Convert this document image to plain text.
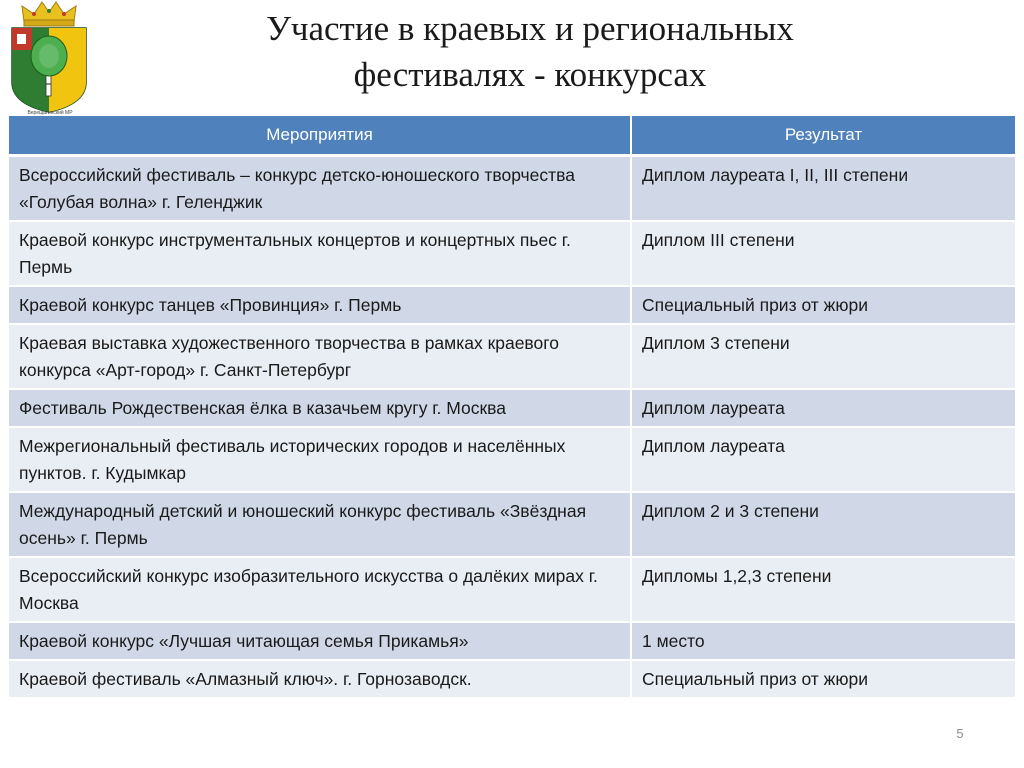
Верещагинский МР
Участие в краевых и региональных
фестивалях - конкурсах
Мероприятия	Результат
Всероссийский фестиваль – конкурс детско-юношеского творчества «Голубая волна» г. Геленджик	Диплом лауреата I, II, III степени
Краевой конкурс инструментальных концертов и концертных пьес г. Пермь	Диплом III степени
Краевой конкурс танцев «Провинция» г. Пермь	Специальный приз от жюри
Краевая выставка художественного творчества в рамках краевого конкурса «Арт-город» г. Санкт-Петербург	Диплом 3 степени
Фестиваль Рождественская ёлка в казачьем кругу г. Москва	Диплом лауреата
Межрегиональный фестиваль исторических городов и населённых пунктов. г. Кудымкар	Диплом лауреата
Международный детский и юношеский конкурс фестиваль «Звёздная осень» г. Пермь	Диплом 2 и 3 степени
Всероссийский конкурс изобразительного искусства о далёких мирах г. Москва	Дипломы 1,2,3 степени
Краевой конкурс «Лучшая читающая семья Прикамья»	1 место
Краевой фестиваль «Алмазный ключ». г. Горнозаводск.	Специальный приз от жюри
5
